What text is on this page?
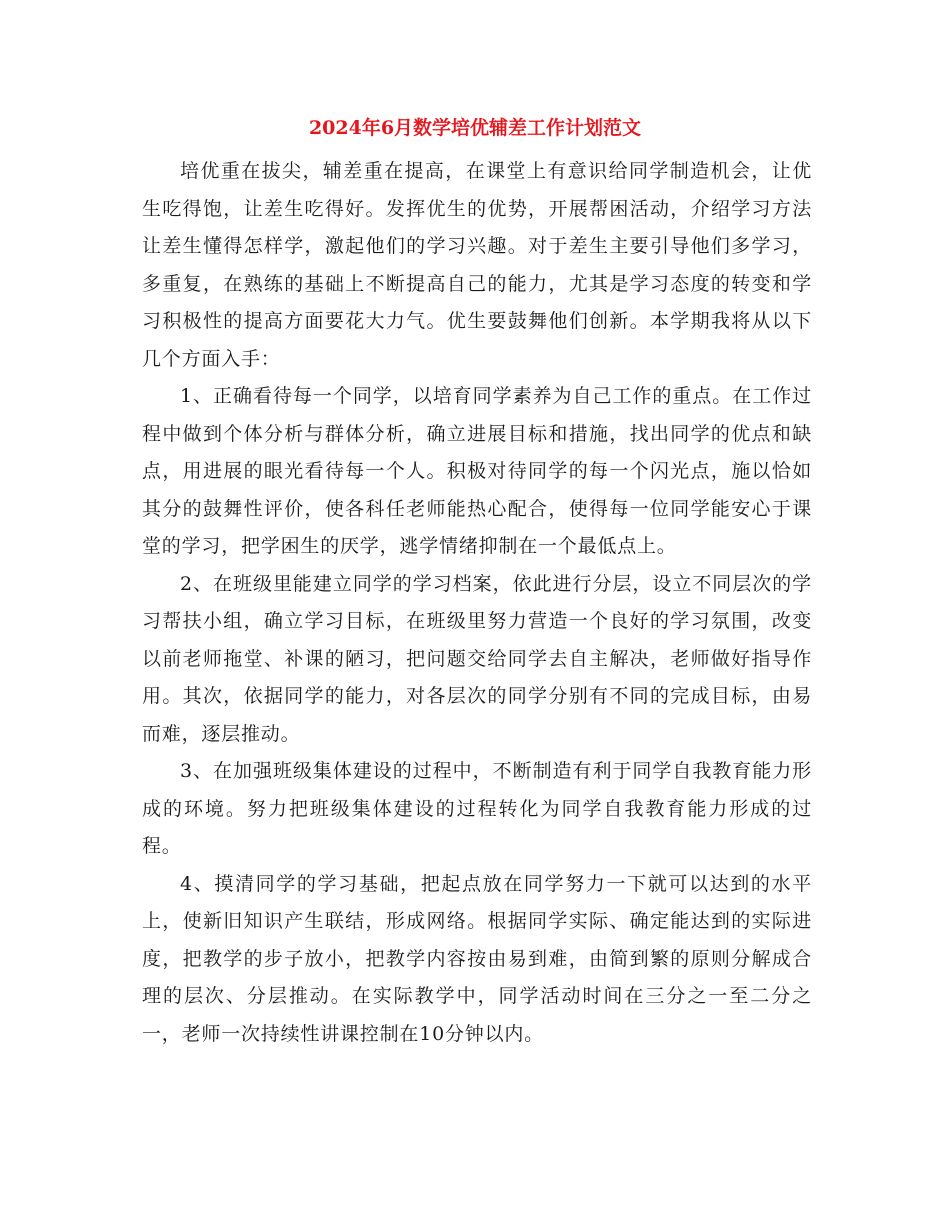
2024年6月数学培优辅差工作计划范文

培优重在拔尖，辅差重在提高，在课堂上有意识给同学制造机会，让优生吃得饱，让差生吃得好。发挥优生的优势，开展帮困活动，介绍学习方法让差生懂得怎样学，激起他们的学习兴趣。对于差生主要引导他们多学习，多重复，在熟练的基础上不断提高自己的能力，尤其是学习态度的转变和学习积极性的提高方面要花大力气。优生要鼓舞他们创新。本学期我将从以下几个方面入手：

1、正确看待每一个同学，以培育同学素养为自己工作的重点。在工作过程中做到个体分析与群体分析，确立进展目标和措施，找出同学的优点和缺点，用进展的眼光看待每一个人。积极对待同学的每一个闪光点，施以恰如其分的鼓舞性评价，使各科任老师能热心配合，使得每一位同学能安心于课堂的学习，把学困生的厌学，逃学情绪抑制在一个最低点上。

2、在班级里能建立同学的学习档案，依此进行分层，设立不同层次的学习帮扶小组，确立学习目标，在班级里努力营造一个良好的学习氛围，改变以前老师拖堂、补课的陋习，把问题交给同学去自主解决，老师做好指导作用。其次，依据同学的能力，对各层次的同学分别有不同的完成目标，由易而难，逐层推动。

3、在加强班级集体建设的过程中，不断制造有利于同学自我教育能力形成的环境。努力把班级集体建设的过程转化为同学自我教育能力形成的过程。

4、摸清同学的学习基础，把起点放在同学努力一下就可以达到的水平上，使新旧知识产生联结，形成网络。根据同学实际、确定能达到的实际进度，把教学的步子放小，把教学内容按由易到难，由简到繁的原则分解成合理的层次、分层推动。在实际教学中，同学活动时间在三分之一至二分之一，老师一次持续性讲课控制在10分钟以内。
